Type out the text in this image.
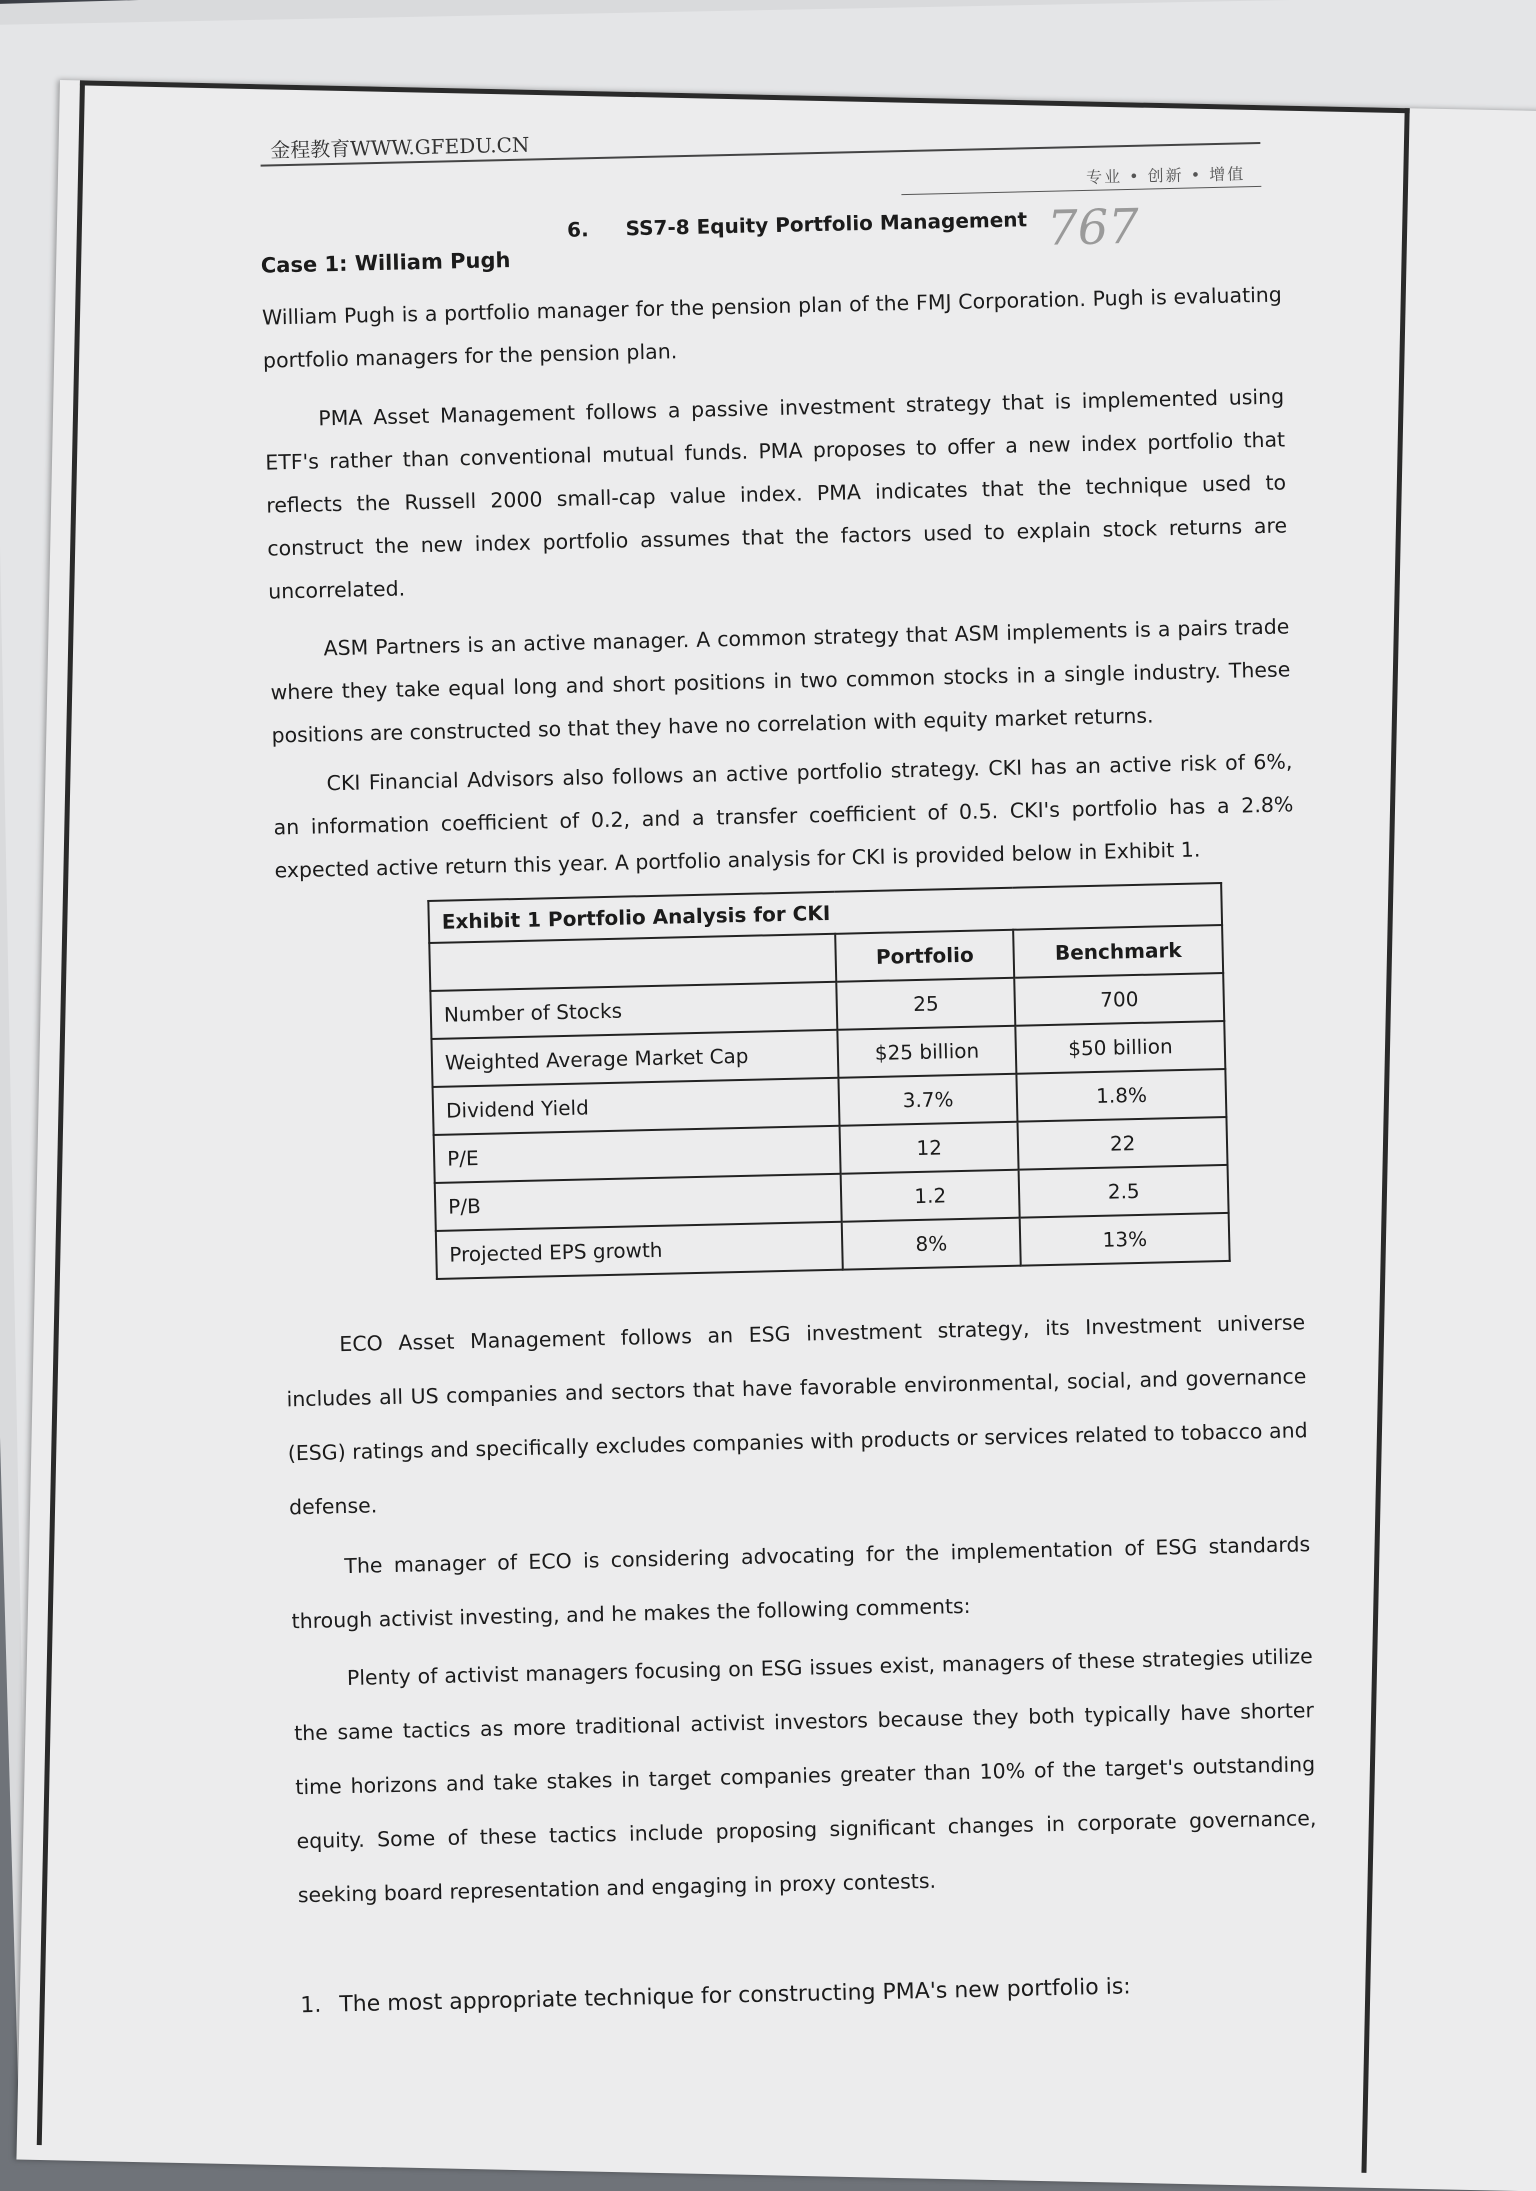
金程教育WWW.GFEDU.CN
专业 • 创新 • 增值
6. SS7-8 Equity Portfolio Management 767
Case 1: William Pugh

William Pugh is a portfolio manager for the pension plan of the FMJ Corporation. Pugh is evaluating portfolio managers for the pension plan.

PMA Asset Management follows a passive investment strategy that is implemented using ETF's rather than conventional mutual funds. PMA proposes to offer a new index portfolio that reflects the Russell 2000 small-cap value index. PMA indicates that the technique used to construct the new index portfolio assumes that the factors used to explain stock returns are uncorrelated.

ASM Partners is an active manager. A common strategy that ASM implements is a pairs trade where they take equal long and short positions in two common stocks in a single industry. These positions are constructed so that they have no correlation with equity market returns.

CKI Financial Advisors also follows an active portfolio strategy. CKI has an active risk of 6%, an information coefficient of 0.2, and a transfer coefficient of 0.5. CKI's portfolio has a 2.8% expected active return this year. A portfolio analysis for CKI is provided below in Exhibit 1.

Exhibit 1 Portfolio Analysis for CKI		
	Portfolio	Benchmark
Number of Stocks	25	700
Weighted Average Market Cap	$25 billion	$50 billion
Dividend Yield	3.7%	1.8%
P/E	12	22
P/B	1.2	2.5
Projected EPS growth	8%	13%

ECO Asset Management follows an ESG investment strategy, its Investment universe includes all US companies and sectors that have favorable environmental, social, and governance (ESG) ratings and specifically excludes companies with products or services related to tobacco and defense.

The manager of ECO is considering advocating for the implementation of ESG standards through activist investing, and he makes the following comments:

Plenty of activist managers focusing on ESG issues exist, managers of these strategies utilize the same tactics as more traditional activist investors because they both typically have shorter time horizons and take stakes in target companies greater than 10% of the target's outstanding equity. Some of these tactics include proposing significant changes in corporate governance, seeking board representation and engaging in proxy contests.

1. The most appropriate technique for constructing PMA's new portfolio is:
